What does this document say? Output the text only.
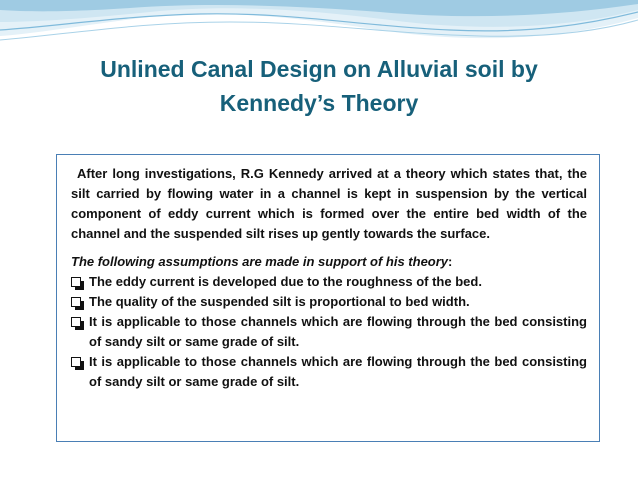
Unlined Canal Design on Alluvial soil by
Kennedy’s Theory

After long investigations, R.G Kennedy arrived at a theory which states that, the silt carried by flowing water in a channel is kept in suspension by the vertical component of eddy current which is formed over the entire bed width of the channel and the suspended silt rises up gently towards the surface.

The following assumptions are made in support of his theory:

The eddy current is developed due to the roughness of the bed.
The quality of the suspended silt is proportional to bed width.
It is applicable to those channels which are flowing through the bed consisting of sandy silt or same grade of silt.
It is applicable to those channels which are flowing through the bed consisting of sandy silt or same grade of silt.
